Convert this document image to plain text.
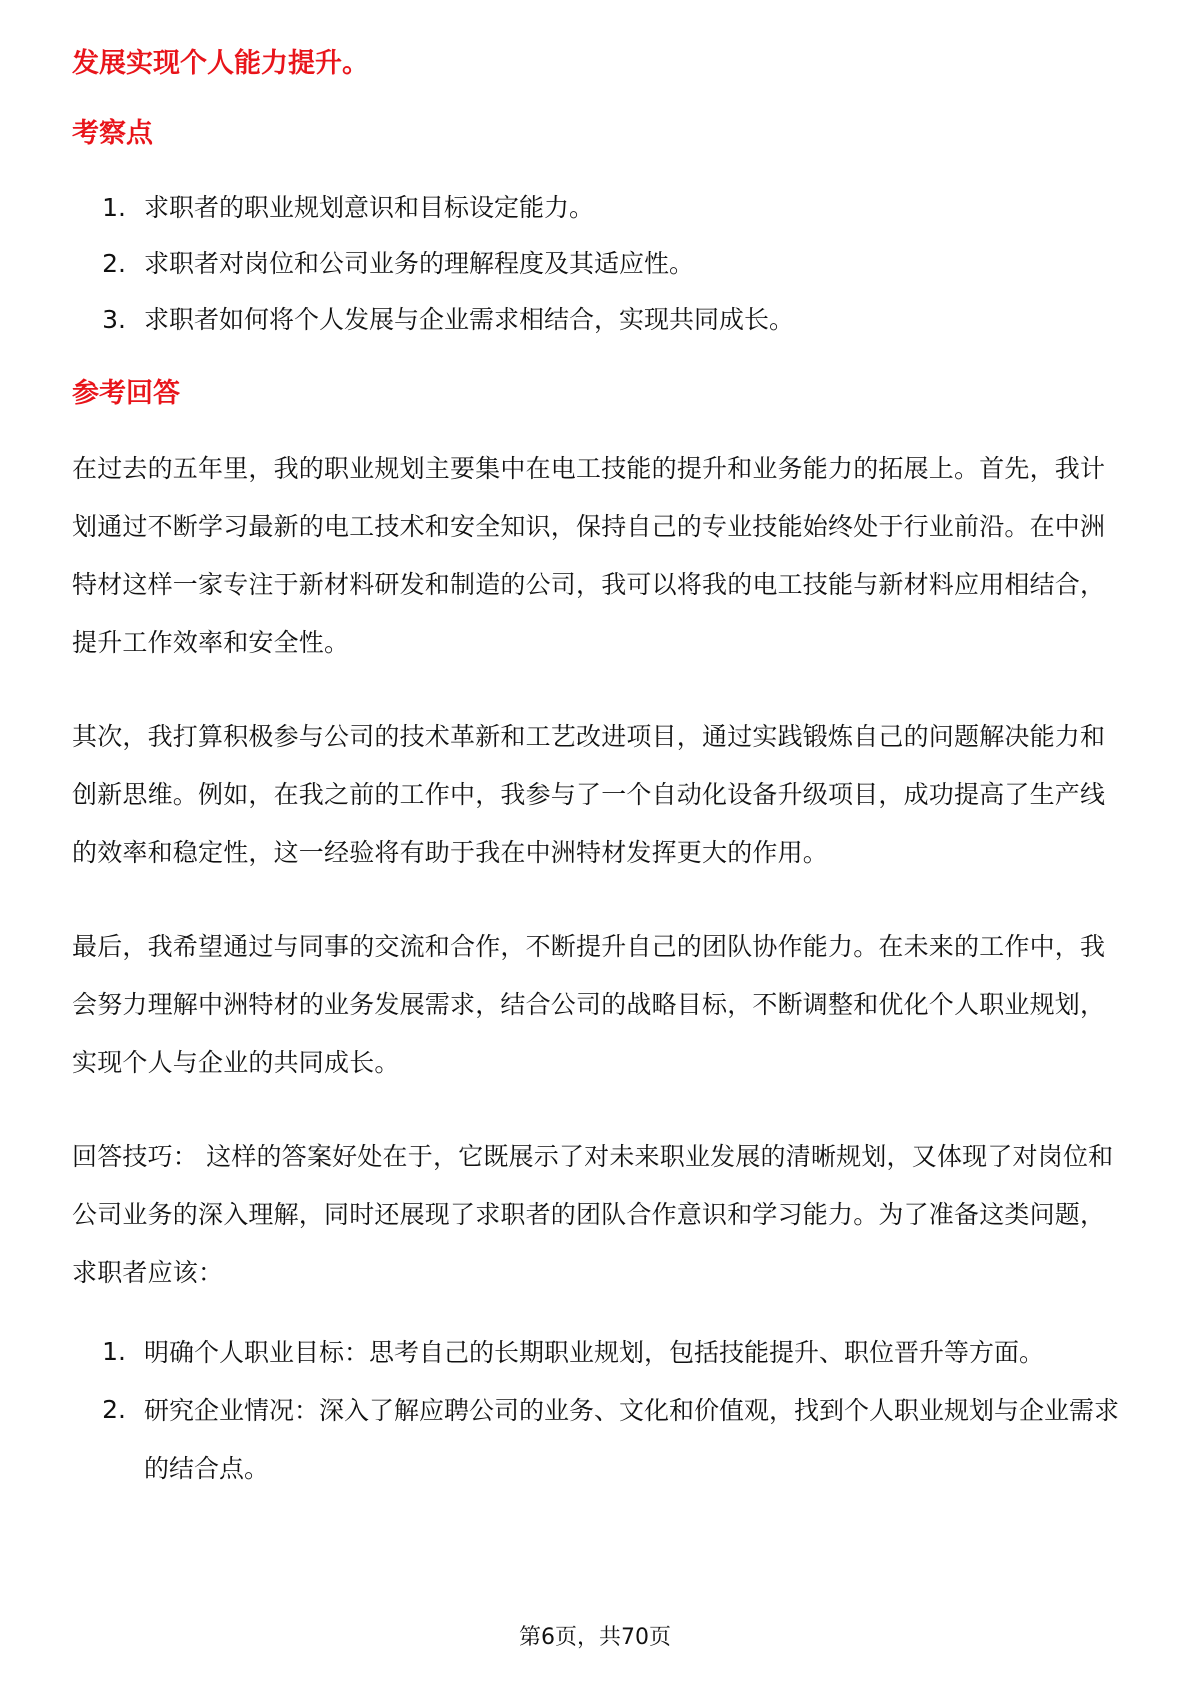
发展实现个人能力提升。
考察点
1. 求职者的职业规划意识和目标设定能力。
2. 求职者对岗位和公司业务的理解程度及其适应性。
3. 求职者如何将个人发展与企业需求相结合，实现共同成长。
参考回答

在过去的五年里，我的职业规划主要集中在电工技能的提升和业务能力的拓展上。首先，我计划通过不断学习最新的电工技术和安全知识，保持自己的专业技能始终处于行业前沿。在中洲特材这样一家专注于新材料研发和制造的公司，我可以将我的电工技能与新材料应用相结合，提升工作效率和安全性。

其次，我打算积极参与公司的技术革新和工艺改进项目，通过实践锻炼自己的问题解决能力和创新思维。例如，在我之前的工作中，我参与了一个自动化设备升级项目，成功提高了生产线的效率和稳定性，这一经验将有助于我在中洲特材发挥更大的作用。

最后，我希望通过与同事的交流和合作，不断提升自己的团队协作能力。在未来的工作中，我会努力理解中洲特材的业务发展需求，结合公司的战略目标，不断调整和优化个人职业规划，实现个人与企业的共同成长。

回答技巧： 这样的答案好处在于，它既展示了对未来职业发展的清晰规划，又体现了对岗位和公司业务的深入理解，同时还展现了求职者的团队合作意识和学习能力。为了准备这类问题，求职者应该：

1. 明确个人职业目标：思考自己的长期职业规划，包括技能提升、职位晋升等方面。
2. 研究企业情况：深入了解应聘公司的业务、文化和价值观，找到个人职业规划与企业需求的结合点。
第6页，共70页
